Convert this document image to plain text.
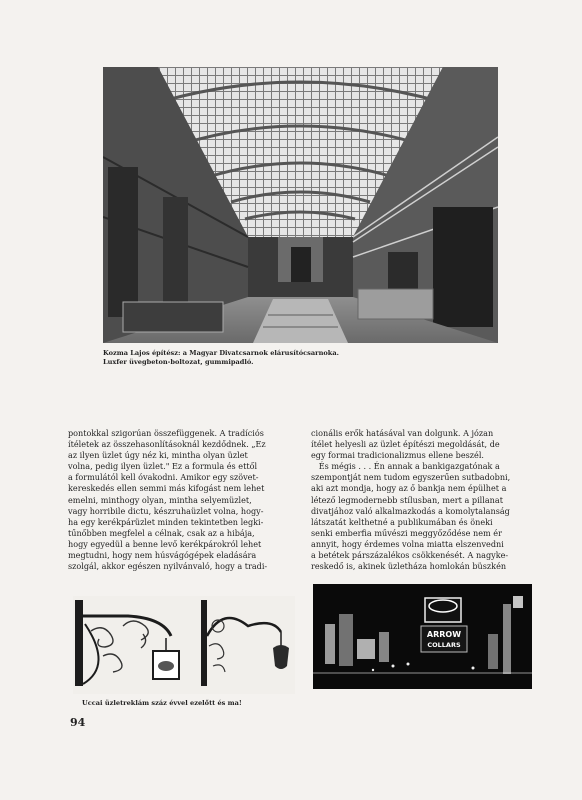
Kozma Lajos építész: a Magyar Divatcsarnok elárusítócsarnoka.
Luxfer üvegbeton-boltozat, gummipadló.
pontokkal szigorúan összefüggenek. A tradíciós
ítéletek az összehasonlításoknál kezdődnek. „Ez
az ilyen üzlet úgy néz ki, mintha olyan üzlet
volna, pedig ilyen üzlet." Ez a formula és ettől
a formulától kell óvakodni. Amikor egy szövet-
kereskedés ellen semmi más kifogást nem lehet
emelni, minthogy olyan, mintha selyemüzlet,
vagy horribile dictu, készruhaüzlet volna, hogy-
ha egy kerékpárüzlet minden tekintetben legki-
tűnőbben megfelel a célnak, csak az a hibája,
hogy egyedül a benne levő kerékpárokról lehet
megtudni, hogy nem húsvágógépek eladására
szolgál, akkor egészen nyilvánvaló, hogy a tradi-
cionális erők hatásával van dolgunk. A józan
ítélet helyesli az üzlet építészi megoldását, de
egy formai tradicionalizmus ellene beszél.
És mégis . . . Én annak a bankigazgatónak a
szempontját nem tudom egyszerűen sutbadobni,
aki azt mondja, hogy az ő bankja nem épülhet a
létező legmodernebb stílusban, mert a pillanat
divatjához való alkalmazkodás a komolytalanság
látszatát kelthetné a publikumában és öneki
senki emberfia művészi meggyőződése nem ér
annyit, hogy érdemes volna miatta elszenvedni
a betétek párszázalékos csökkenését. A nagyke-
reskedő is, akinek üzletháza homlokán büszkén
Uccai üzletreklám száz évvel ezelőtt és ma!
ARROW
COLLARS
94
